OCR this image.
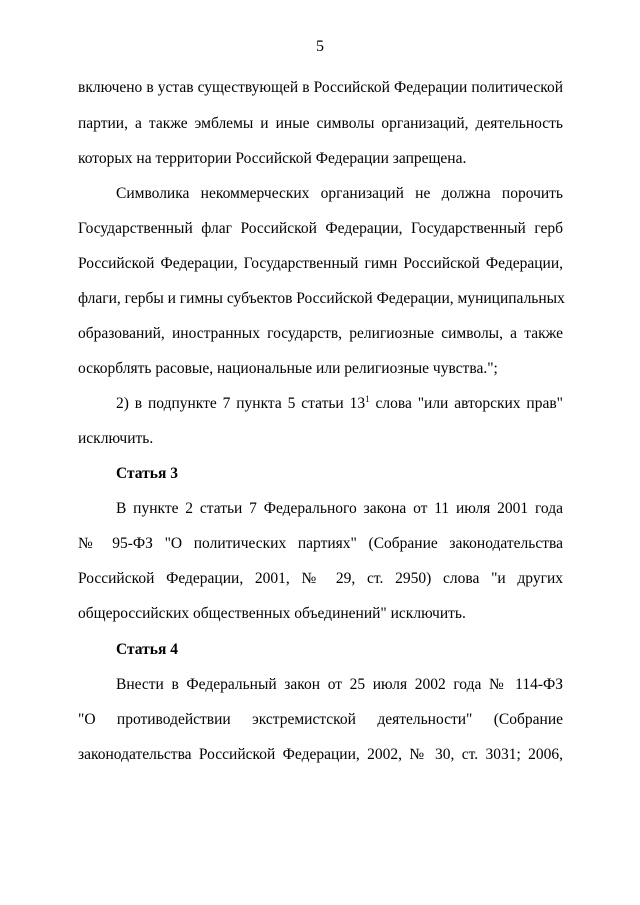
5
включено в устав существующей в Российской Федерации политической
партии, а также эмблемы и иные символы организаций, деятельность
которых на территории Российской Федерации запрещена.
Символика некоммерческих организаций не должна порочить
Государственный флаг Российской Федерации, Государственный герб
Российской Федерации, Государственный гимн Российской Федерации,
флаги, гербы и гимны субъектов Российской Федерации, муниципальных
образований, иностранных государств, религиозные символы, а также
оскорблять расовые, национальные или религиозные чувства.";
2) в подпункте 7 пункта 5 статьи $13^1$ слова "или авторских прав"
исключить.
Статья 3
В пункте 2 статьи 7 Федерального закона от 11 июля 2001 года
№ 95-ФЗ "О политических партиях" (Собрание законодательства
Российской Федерации, 2001, № 29, ст. 2950) слова "и других
общероссийских общественных объединений" исключить.
Статья 4
Внести в Федеральный закон от 25 июля 2002 года № 114-ФЗ
"О противодействии экстремистской деятельности" (Собрание
законодательства Российской Федерации, 2002, № 30, ст. 3031; 2006,
